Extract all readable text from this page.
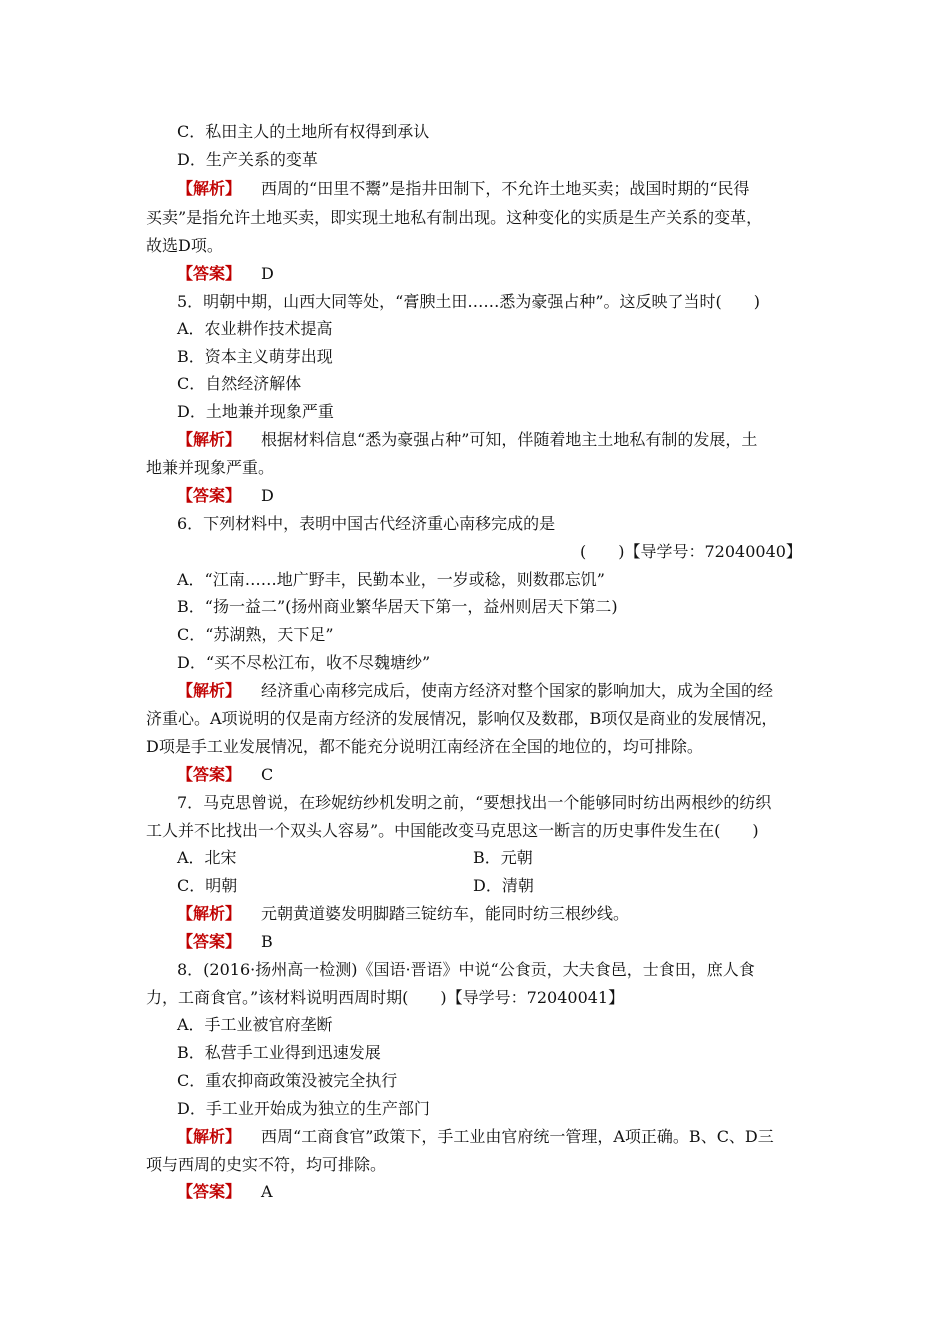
C．私田主人的土地所有权得到承认
D．生产关系的变革
【解析】 西周的“田里不鬻”是指井田制下，不允许土地买卖；战国时期的“民得
买卖”是指允许土地买卖，即实现土地私有制出现。这种变化的实质是生产关系的变革，
故选D项。
【答案】 D
5．明朝中期，山西大同等处，“膏腴土田……悉为豪强占种”。这反映了当时(　　)
A．农业耕作技术提高
B．资本主义萌芽出现
C．自然经济解体
D．土地兼并现象严重
【解析】 根据材料信息“悉为豪强占种”可知，伴随着地主土地私有制的发展，土
地兼并现象严重。
【答案】 D
6．下列材料中，表明中国古代经济重心南移完成的是
(　　)【导学号：72040040】
A．“江南……地广野丰，民勤本业，一岁或稔，则数郡忘饥”
B．“扬一益二”(扬州商业繁华居天下第一，益州则居天下第二)
C．“苏湖熟，天下足”
D．“买不尽松江布，收不尽魏塘纱”
【解析】 经济重心南移完成后，使南方经济对整个国家的影响加大，成为全国的经
济重心。A项说明的仅是南方经济的发展情况，影响仅及数郡，B项仅是商业的发展情况，
D项是手工业发展情况，都不能充分说明江南经济在全国的地位的，均可排除。
【答案】 C
7．马克思曾说，在珍妮纺纱机发明之前，“要想找出一个能够同时纺出两根纱的纺织
工人并不比找出一个双头人容易”。中国能改变马克思这一断言的历史事件发生在(　　)
A．北宋	B．元朝
C．明朝	D．清朝
【解析】 元朝黄道婆发明脚踏三锭纺车，能同时纺三根纱线。
【答案】 B
8．(2016·扬州高一检测)《国语·晋语》中说“公食贡，大夫食邑，士食田，庶人食
力，工商食官。”该材料说明西周时期(　　)【导学号：72040041】
A．手工业被官府垄断
B．私营手工业得到迅速发展
C．重农抑商政策没被完全执行
D．手工业开始成为独立的生产部门
【解析】 西周“工商食官”政策下，手工业由官府统一管理，A项正确。B、C、D三
项与西周的史实不符，均可排除。
【答案】 A
